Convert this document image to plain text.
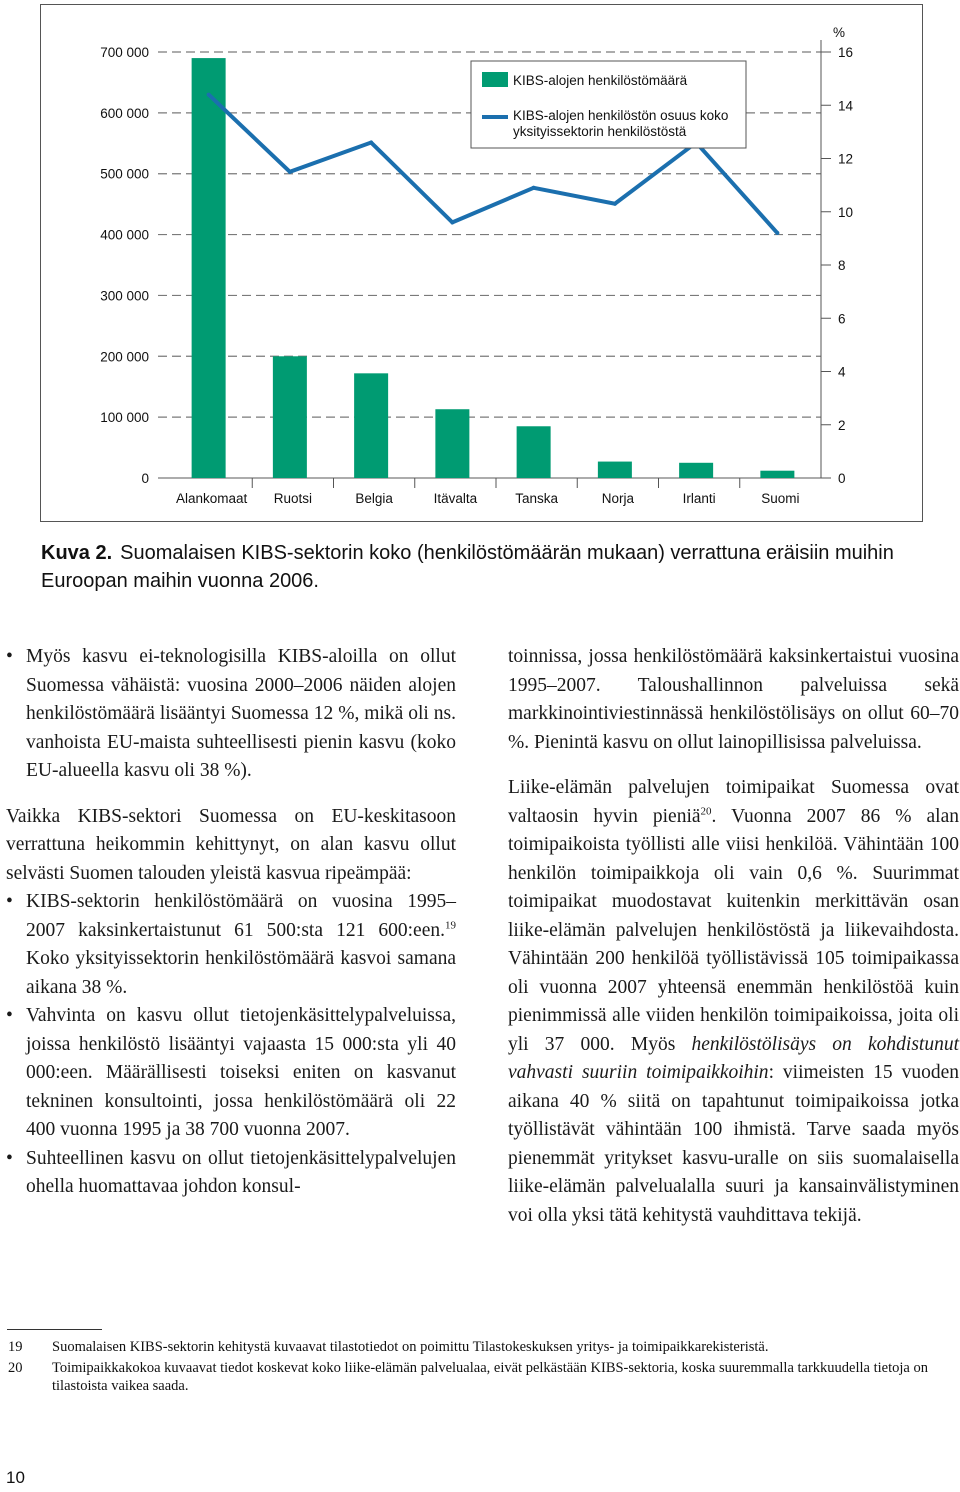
0
100 000
200 000
300 000
400 000
500 000
600 000
700 000
0
2
4
6
8
10
12
14
16
Alankomaat Ruotsi	Belgia	Itävalta	Tanska	Norja	Irlanti	Suomi
KIBS-alojen henkilöstömäärä
KIBS-alojen henkilöstön osuus koko
yksityissektorin henkilöstöstä
%
Kuva 2. Suomalaisen KIBS-sektorin koko (henkilöstömäärän mukaan) verrattuna eräisiin muihin Euroopan maihin vuonna 2006.
• Myös kasvu ei-teknologisilla KIBS-aloilla on ollut Suomessa vähäistä: vuosina 2000–2006 näiden alojen henkilöstömäärä lisääntyi Suomessa 12 %, mikä oli ns. vanhoista EU-maista suhteellisesti pienin kasvu (koko EU-alueella kasvu oli 38 %).

Vaikka KIBS-sektori Suomessa on EU-keskitasoon verrattuna heikommin kehittynyt, on alan kasvu ollut selvästi Suomen talouden yleistä kasvua ripeämpää:

• KIBS-sektorin henkilöstömäärä on vuosina 1995–2007 kaksinkertaistunut 61 500:sta 121 600:een.$^{19}$ Koko yksityissektorin henkilöstömäärä kasvoi samana aikana 38 %.
• Vahvinta on kasvu ollut tietojenkäsittelypalveluissa, joissa henkilöstö lisääntyi vajaasta 15 000:sta yli 40 000:een. Määrällisesti toiseksi eniten on kasvanut tekninen konsultointi, jossa henkilöstömäärä oli 22 400 vuonna 1995 ja 38 700 vuonna 2007.
• Suhteellinen kasvu on ollut tietojenkäsittelypalvelujen ohella huomattavaa johdon konsul-

toinnissa, jossa henkilöstömäärä kaksinkertaistui vuosina 1995–2007. Taloushallinnon palveluissa sekä markkinointiviestinnässä henkilöstölisäys on ollut 60–70 %. Pienintä kasvu on ollut lainopillisissa palveluissa.

Liike-elämän palvelujen toimipaikat Suomessa ovat valtaosin hyvin pieniä$^{20}$. Vuonna 2007 86 % alan toimipaikoista työllisti alle viisi henkilöä. Vähintään 100 henkilön toimipaikkoja oli vain 0,6 %. Suurimmat toimipaikat muodostavat kuitenkin merkittävän osan liike-elämän palvelujen henkilöstöstä ja liikevaihdosta. Vähintään 200 henkilöä työllistävissä 105 toimipaikassa oli vuonna 2007 yhteensä enemmän henkilöstöä kuin pienimmissä alle viiden henkilön toimipaikoissa, joita oli yli 37 000. Myös henkilöstölisäys on kohdistunut vahvasti suuriin toimipaikkoihin: viimeisten 15 vuoden aikana 40 % siitä on tapahtunut toimipaikoissa jotka työllistävät vähintään 100 ihmistä. Tarve saada myös pienemmät yritykset kasvu-uralle on siis suomalaisella liike-elämän palvelualalla suuri ja kansainvälistyminen voi olla yksi tätä kehitystä vauhdittava tekijä.

19	Suomalaisen KIBS-sektorin kehitystä kuvaavat tilastotiedot on poimittu Tilastokeskuksen yritys- ja toimipaikkarekisteristä.
20	Toimipaikkakokoa kuvaavat tiedot koskevat koko liike-elämän palvelualaa, eivät pelkästään KIBS-sektoria, koska suuremmalla tarkkuudella tietoja on tilastoista vaikea saada.
10
